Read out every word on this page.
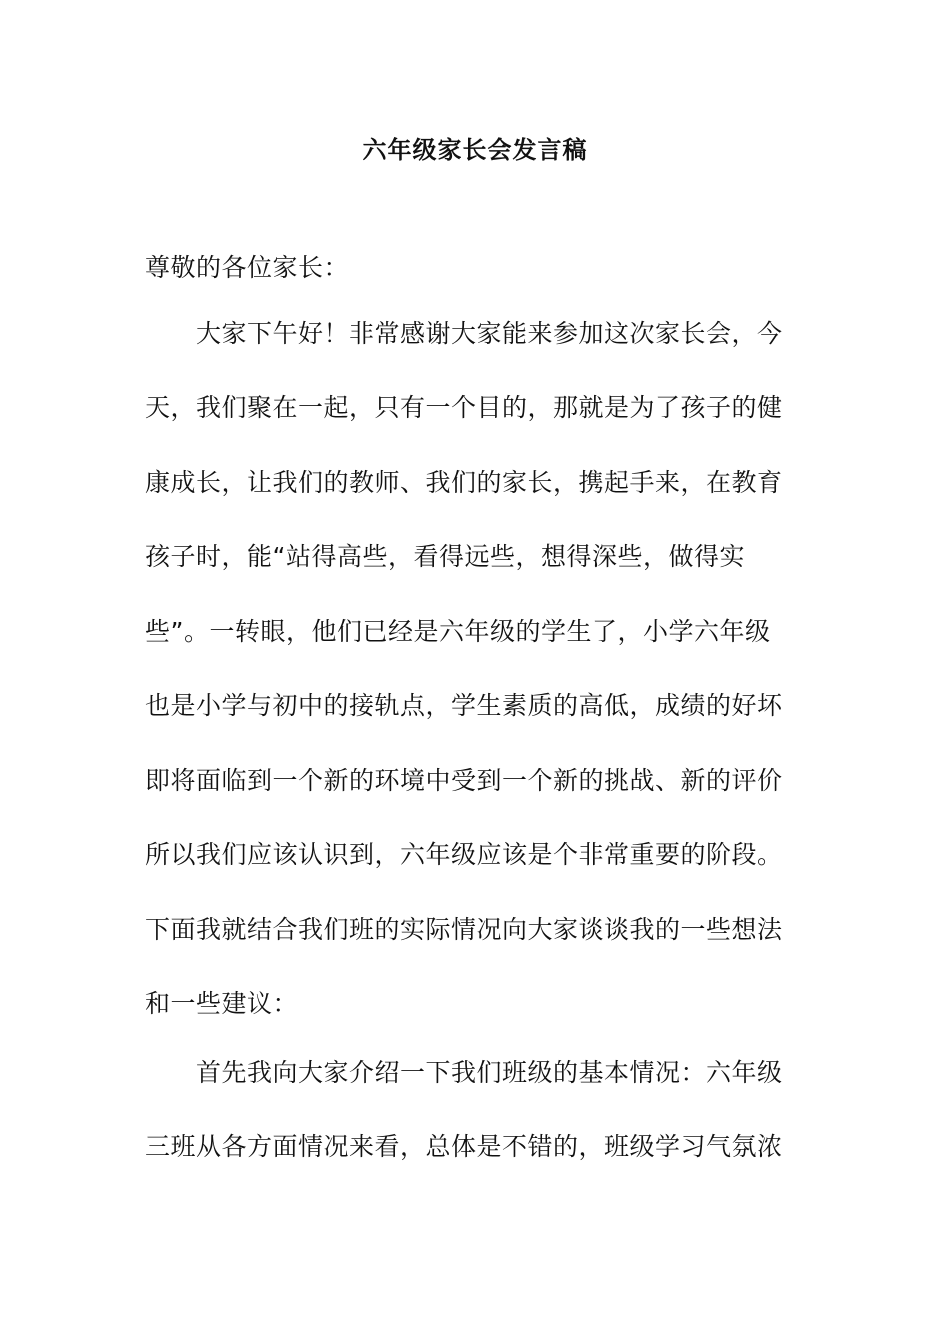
六年级家长会发言稿
尊敬的各位家长：
大家下午好！非常感谢大家能来参加这次家长会，今
天，我们聚在一起，只有一个目的，那就是为了孩子的健
康成长，让我们的教师、我们的家长，携起手来，在教育
孩子时，能“站得高些，看得远些，想得深些，做得实
些”。一转眼，他们已经是六年级的学生了，小学六年级
也是小学与初中的接轨点，学生素质的高低，成绩的好坏
即将面临到一个新的环境中受到一个新的挑战、新的评价
所以我们应该认识到，六年级应该是个非常重要的阶段。
下面我就结合我们班的实际情况向大家谈谈我的一些想法
和一些建议：
首先我向大家介绍一下我们班级的基本情况：六年级
三班从各方面情况来看，总体是不错的，班级学习气氛浓
